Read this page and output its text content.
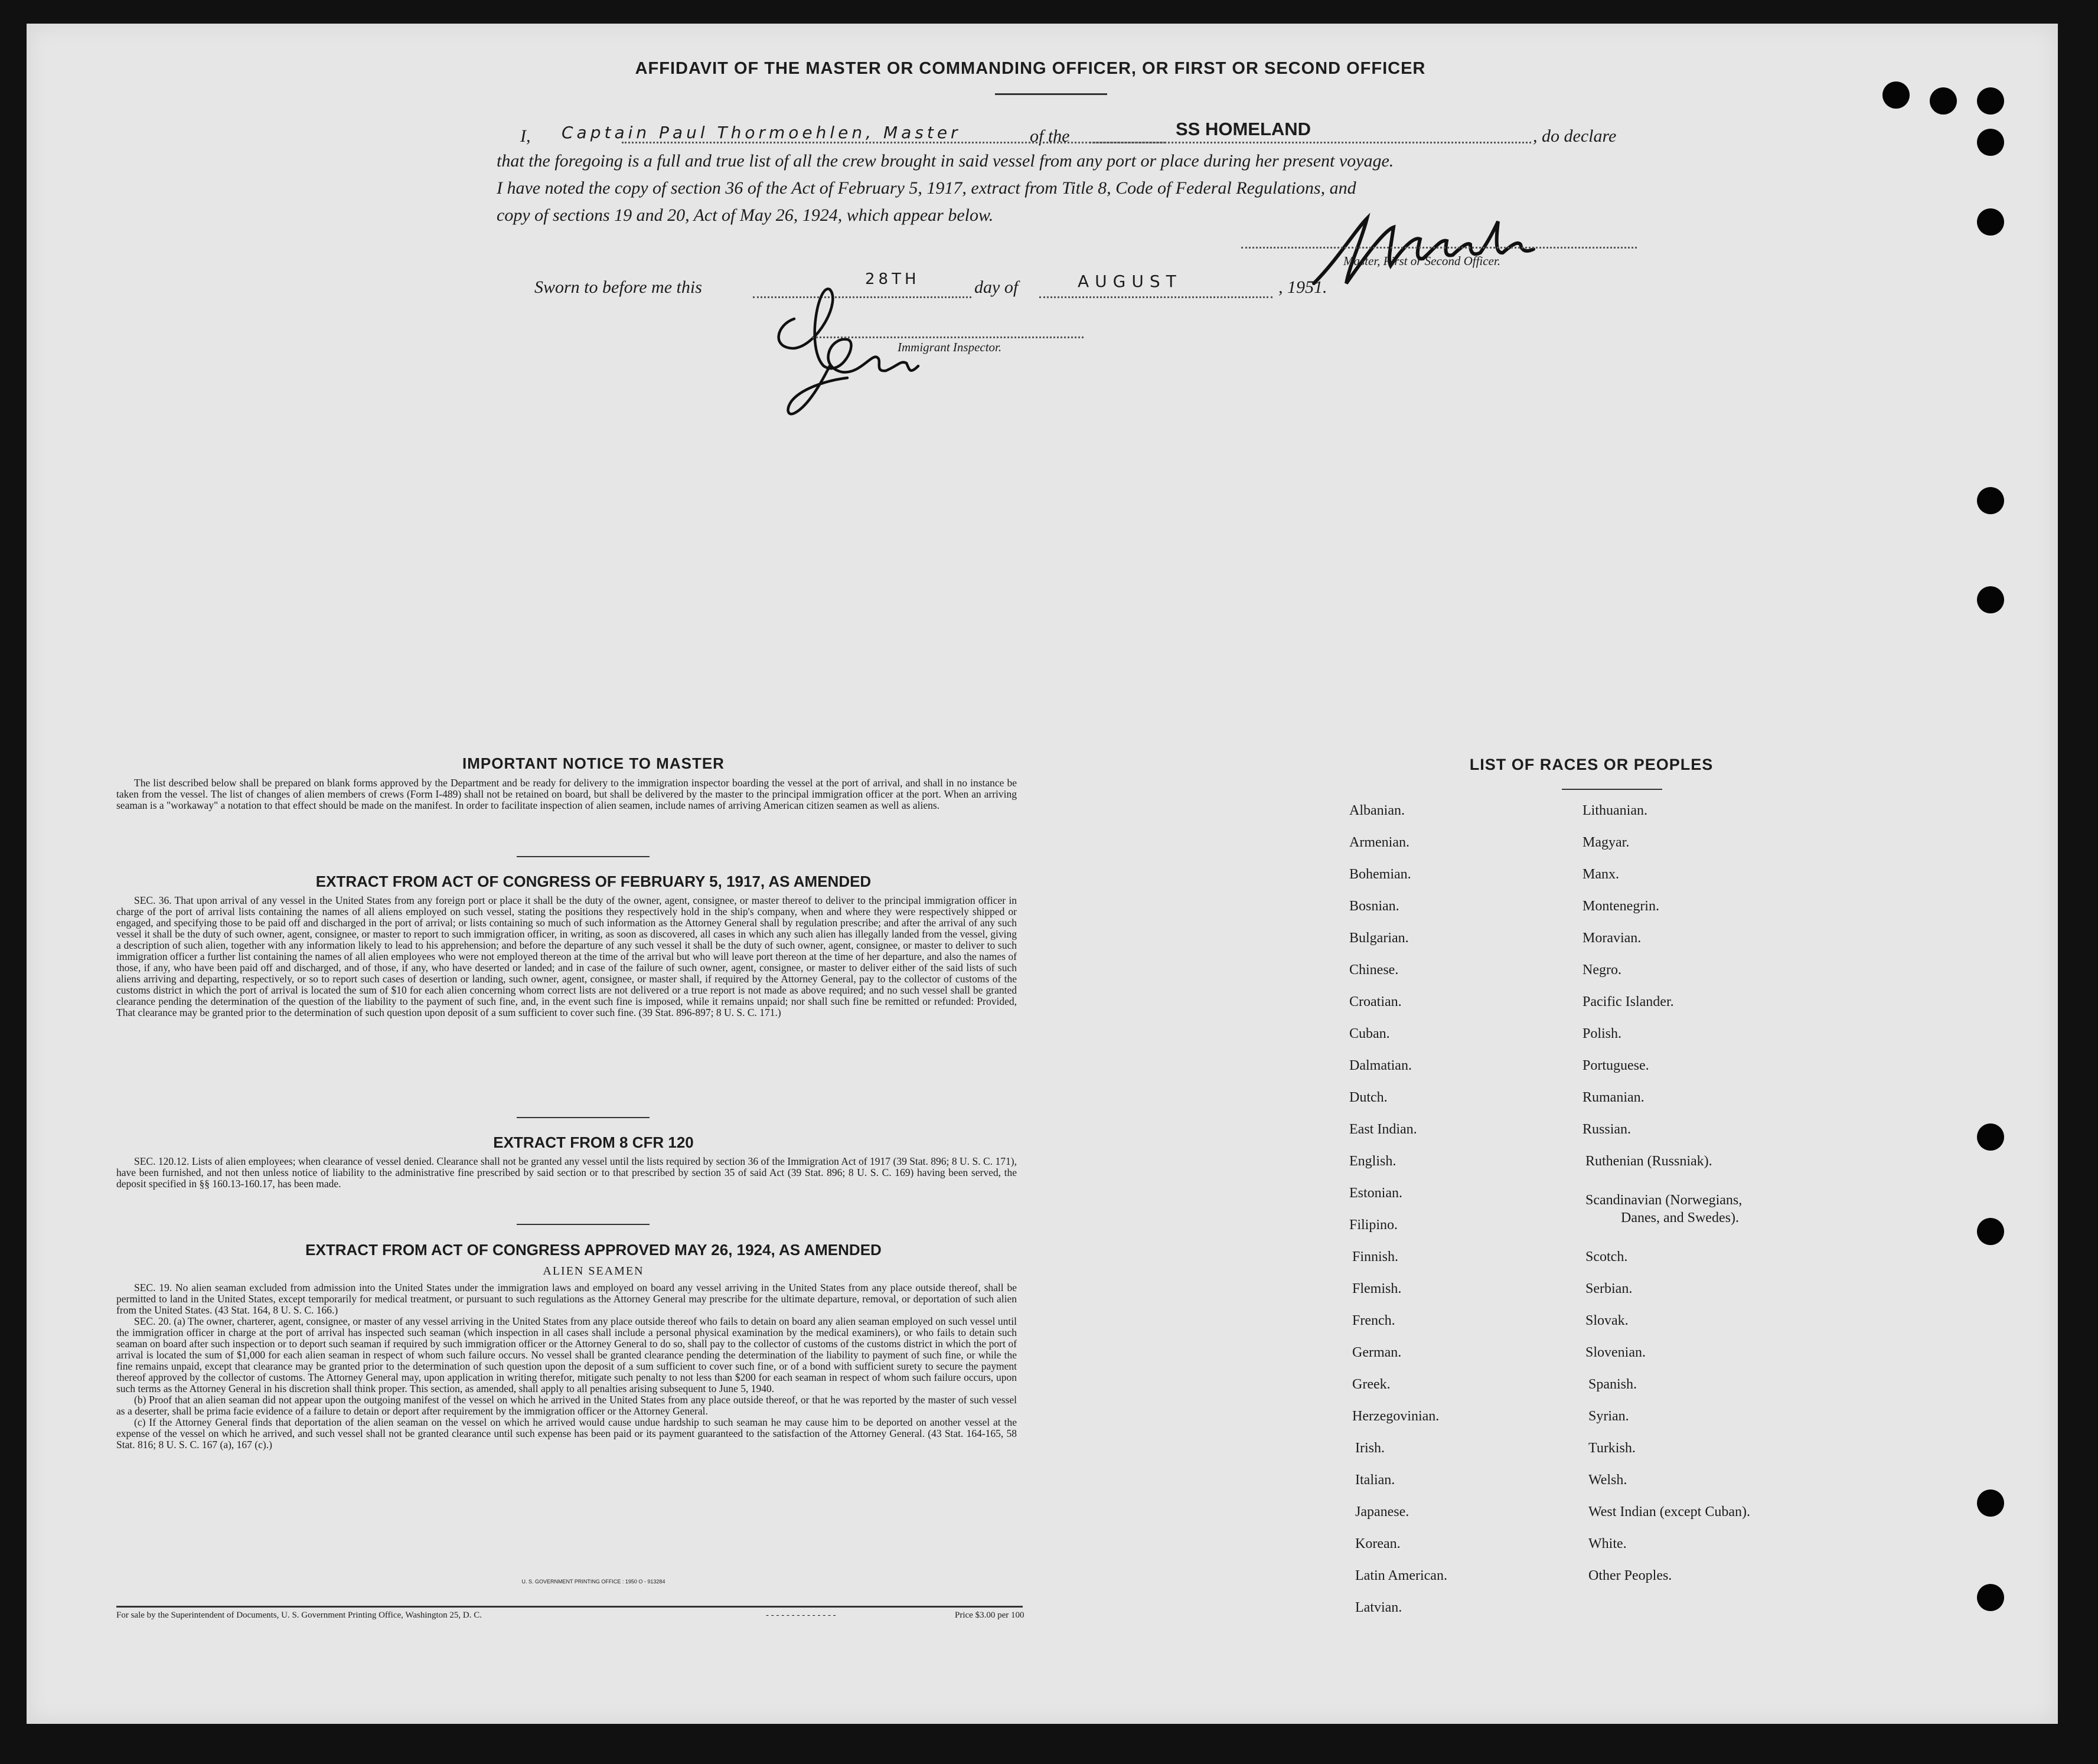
AFFIDAVIT OF THE MASTER OR COMMANDING OFFICER, OR FIRST OR SECOND OFFICER
I, Captain Paul Thormoehlen, Master	of the	SS HOMELAND	, do declare
that the foregoing is a full and true list of all the crew brought in said vessel from any port or place during her present voyage.
I have noted the copy of section 36 of the Act of February 5, 1917, extract from Title 8, Code of Federal Regulations, and
copy of sections 19 and 20, Act of May 26, 1924, which appear below.
Master, First or Second Officer.
Sworn to before me this	28TH	day of	AUGUST	, 1951.
Immigrant Inspector.
IMPORTANT NOTICE TO MASTER
The list described below shall be prepared on blank forms approved by the Department and be ready for delivery to the immigration inspector boarding the vessel at the port of arrival, and shall in no instance be taken from the vessel. The list of changes of alien members of crews (Form I-489) shall not be retained on board, but shall be delivered by the master to the principal immigration officer at the port. When an arriving seaman is a "workaway" a notation to that effect should be made on the manifest. In order to facilitate inspection of alien seamen, include names of arriving American citizen seamen as well as aliens.
EXTRACT FROM ACT OF CONGRESS OF FEBRUARY 5, 1917, AS AMENDED
SEC. 36. That upon arrival of any vessel in the United States from any foreign port or place it shall be the duty of the owner, agent, consignee, or master thereof to deliver to the principal immigration officer in charge of the port of arrival lists containing the names of all aliens employed on such vessel, stating the positions they respectively hold in the ship's company, when and where they were respectively shipped or engaged, and specifying those to be paid off and discharged in the port of arrival; or lists containing so much of such information as the Attorney General shall by regulation prescribe; and after the arrival of any such vessel it shall be the duty of such owner, agent, consignee, or master to report to such immigration officer, in writing, as soon as discovered, all cases in which any such alien has illegally landed from the vessel, giving a description of such alien, together with any information likely to lead to his apprehension; and before the departure of any such vessel it shall be the duty of such owner, agent, consignee, or master to deliver to such immigration officer a further list containing the names of all alien employees who were not employed thereon at the time of the arrival but who will leave port thereon at the time of her departure, and also the names of those, if any, who have been paid off and discharged, and of those, if any, who have deserted or landed; and in case of the failure of such owner, agent, consignee, or master to deliver either of the said lists of such aliens arriving and departing, respectively, or so to report such cases of desertion or landing, such owner, agent, consignee, or master shall, if required by the Attorney General, pay to the collector of customs of the customs district in which the port of arrival is located the sum of $10 for each alien concerning whom correct lists are not delivered or a true report is not made as above required; and no such vessel shall be granted clearance pending the determination of the question of the liability to the payment of such fine, and, in the event such fine is imposed, while it remains unpaid; nor shall such fine be remitted or refunded: Provided, That clearance may be granted prior to the determination of such question upon deposit of a sum sufficient to cover such fine. (39 Stat. 896-897; 8 U. S. C. 171.)
EXTRACT FROM 8 CFR 120
SEC. 120.12. Lists of alien employees; when clearance of vessel denied. Clearance shall not be granted any vessel until the lists required by section 36 of the Immigration Act of 1917 (39 Stat. 896; 8 U. S. C. 171), have been furnished, and not then unless notice of liability to the administrative fine prescribed by said section or to that prescribed by section 35 of said Act (39 Stat. 896; 8 U. S. C. 169) having been served, the deposit specified in §§ 160.13-160.17, has been made.
EXTRACT FROM ACT OF CONGRESS APPROVED MAY 26, 1924, AS AMENDED
ALIEN SEAMEN
SEC. 19. No alien seaman excluded from admission into the United States under the immigration laws and employed on board any vessel arriving in the United States from any place outside thereof, shall be permitted to land in the United States, except temporarily for medical treatment, or pursuant to such regulations as the Attorney General may prescribe for the ultimate departure, removal, or deportation of such alien from the United States. (43 Stat. 164, 8 U. S. C. 166.)
SEC. 20. (a) The owner, charterer, agent, consignee, or master of any vessel arriving in the United States from any place outside thereof who fails to detain on board any alien seaman employed on such vessel until the immigration officer in charge at the port of arrival has inspected such seaman (which inspection in all cases shall include a personal physical examination by the medical examiners), or who fails to detain such seaman on board after such inspection or to deport such seaman if required by such immigration officer or the Attorney General to do so, shall pay to the collector of customs of the customs district in which the port of arrival is located the sum of $1,000 for each alien seaman in respect of whom such failure occurs. No vessel shall be granted clearance pending the determination of the liability to payment of such fine, or while the fine remains unpaid, except that clearance may be granted prior to the determination of such question upon the deposit of a sum sufficient to cover such fine, or of a bond with sufficient surety to secure the payment thereof approved by the collector of customs. The Attorney General may, upon application in writing therefor, mitigate such penalty to not less than $200 for each seaman in respect of whom such failure occurs, upon such terms as the Attorney General in his discretion shall think proper. This section, as amended, shall apply to all penalties arising subsequent to June 5, 1940.
(b) Proof that an alien seaman did not appear upon the outgoing manifest of the vessel on which he arrived in the United States from any place outside thereof, or that he was reported by the master of such vessel as a deserter, shall be prima facie evidence of a failure to detain or deport after requirement by the immigration officer or the Attorney General.
(c) If the Attorney General finds that deportation of the alien seaman on the vessel on which he arrived would cause undue hardship to such seaman he may cause him to be deported on another vessel at the expense of the vessel on which he arrived, and such vessel shall not be granted clearance until such expense has been paid or its payment guaranteed to the satisfaction of the Attorney General. (43 Stat. 164-165, 58 Stat. 816; 8 U. S. C. 167 (a), 167 (c).)
U. S. GOVERNMENT PRINTING OFFICE : 1950 O - 913284
For sale by the Superintendent of Documents, U. S. Government Printing Office, Washington 25, D. C.	- - - - - - - - - - - - - -	Price $3.00 per 100
LIST OF RACES OR PEOPLES
Albanian.
Armenian.
Bohemian.
Bosnian.
Bulgarian.
Chinese.
Croatian.
Cuban.
Dalmatian.
Dutch.
East Indian.
English.
Estonian.
Filipino.
Finnish.
Flemish.
French.
German.
Greek.
Herzegovinian.
Irish.
Italian.
Japanese.
Korean.
Latin American.
Latvian.
Lithuanian.
Magyar.
Manx.
Montenegrin.
Moravian.
Negro.
Pacific Islander.
Polish.
Portuguese.
Rumanian.
Russian.
Ruthenian (Russniak).
Scandinavian (Norwegians,
Danes, and Swedes).
Scotch.
Serbian.
Slovak.
Slovenian.
Spanish.
Syrian.
Turkish.
Welsh.
West Indian (except Cuban).
White.
Other Peoples.
